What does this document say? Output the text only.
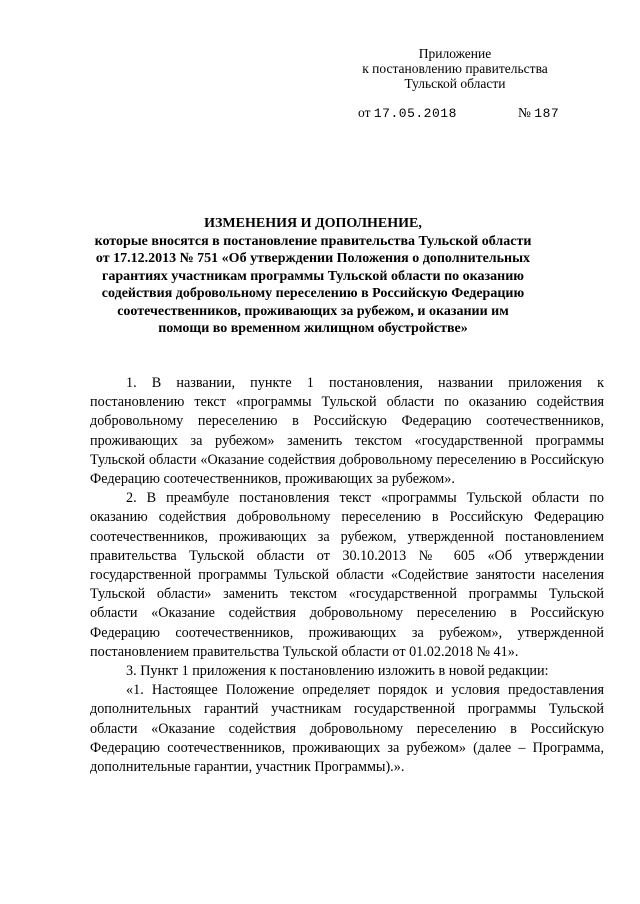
Приложение
к постановлению правительства
Тульской области
от 17.05.2018	№ 187
ИЗМЕНЕНИЯ И ДОПОЛНЕНИЕ,
которые вносятся в постановление правительства Тульской области
от 17.12.2013 № 751 «Об утверждении Положения о дополнительных
гарантиях участникам программы Тульской области по оказанию
содействия добровольному переселению в Российскую Федерацию
соотечественников, проживающих за рубежом, и оказании им
помощи во временном жилищном обустройстве»

1. В названии, пункте 1 постановления, названии приложения к постановлению текст «программы Тульской области по оказанию содействия добровольному переселению в Российскую Федерацию соотечественников, проживающих за рубежом» заменить текстом «государственной программы Тульской области «Оказание содействия добровольному переселению в Российскую Федерацию соотечественников, проживающих за рубежом».

2. В преамбуле постановления текст «программы Тульской области по оказанию содействия добровольному переселению в Российскую Федерацию соотечественников, проживающих за рубежом, утвержденной постановлением правительства Тульской области от 30.10.2013 № 605 «Об утверждении государственной программы Тульской области «Содействие занятости населения Тульской области» заменить текстом «государственной программы Тульской области «Оказание содействия добровольному переселению в Российскую Федерацию соотечественников, проживающих за рубежом», утвержденной постановлением правительства Тульской области от 01.02.2018 № 41».

3. Пункт 1 приложения к постановлению изложить в новой редакции:

«1. Настоящее Положение определяет порядок и условия предоставления дополнительных гарантий участникам государственной программы Тульской области «Оказание содействия добровольному переселению в Российскую Федерацию соотечественников, проживающих за рубежом» (далее – Программа, дополнительные гарантии, участник Программы).».
